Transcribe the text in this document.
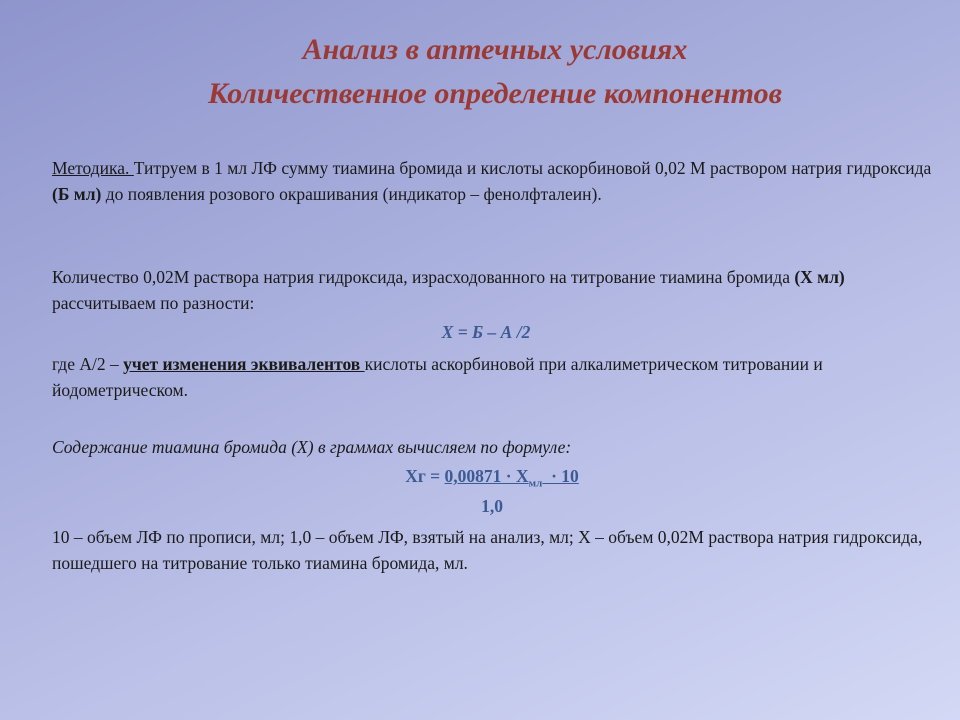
Анализ в аптечных условиях
Количественное определение компонентов
Методика. Титруем в 1 мл ЛФ сумму тиамина бромида и кислоты аскорбиновой 0,02 М раствором натрия гидроксида (Б мл) до появления розового окрашивания (индикатор – фенолфталеин).
Количество 0,02М раствора натрия гидроксида, израсходованного на титрование тиамина бромида (Х мл) рассчитываем по разности:
Х = Б – А /2
где А/2 – учет изменения эквивалентов кислоты аскорбиновой при алкалиметрическом титровании и йодометрическом.
Содержание тиамина бромида (Х) в граммах вычисляем по формуле:
Хг = $0,00871 \cdot Х_{мл} \cdot 10$
1,0
10 – объем ЛФ по прописи, мл; 1,0 – объем ЛФ, взятый на анализ, мл; Х – объем 0,02М раствора натрия гидроксида, пошедшего на титрование только тиамина бромида, мл.
